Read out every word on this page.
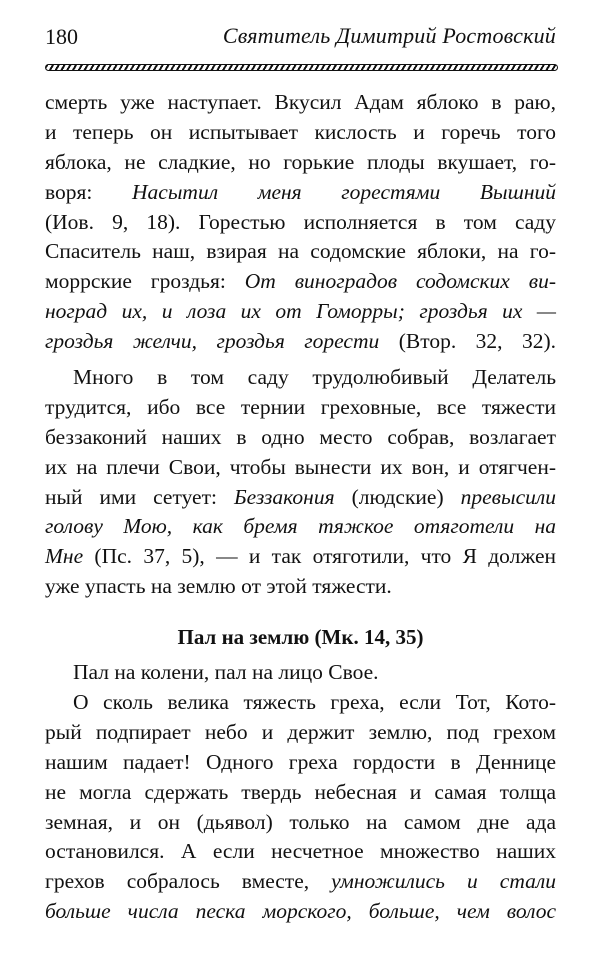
180	Святитель Димитрий Ростовский
смерть уже наступает. Вкусил Адам яблоко в раю,
и теперь он испытывает кислость и горечь того
яблока, не сладкие, но горькие плоды вкушает, го-
воря: Насытил меня горестями Вышний
(Иов. 9, 18). Горестью исполняется в том саду
Спаситель наш, взирая на содомские яблоки, на го-
моррские гроздья: От виноградов содомских ви-
ноград их, и лоза их от Гоморры; гроздья их —
гроздья желчи, гроздья горести (Втор. 32, 32).
Много в том саду трудолюбивый Делатель
трудится, ибо все тернии греховные, все тяжести
беззаконий наших в одно место собрав, возлагает
их на плечи Свои, чтобы вынести их вон, и отягчен-
ный ими сетует: Беззакония (людские) превысили
голову Мою, как бремя тяжкое отяготели на
Мне (Пс. 37, 5), — и так отяготили, что Я должен
уже упасть на землю от этой тяжести.
Пал на землю (Мк. 14, 35)
Пал на колени, пал на лицо Свое.
О сколь велика тяжесть греха, если Тот, Кото-
рый подпирает небо и держит землю, под грехом
нашим падает! Одного греха гордости в Деннице
не могла сдержать твердь небесная и самая толща
земная, и он (дьявол) только на самом дне ада
остановился. А если несчетное множество наших
грехов собралось вместе, умножились и стали
больше числа песка морского, больше, чем волос
